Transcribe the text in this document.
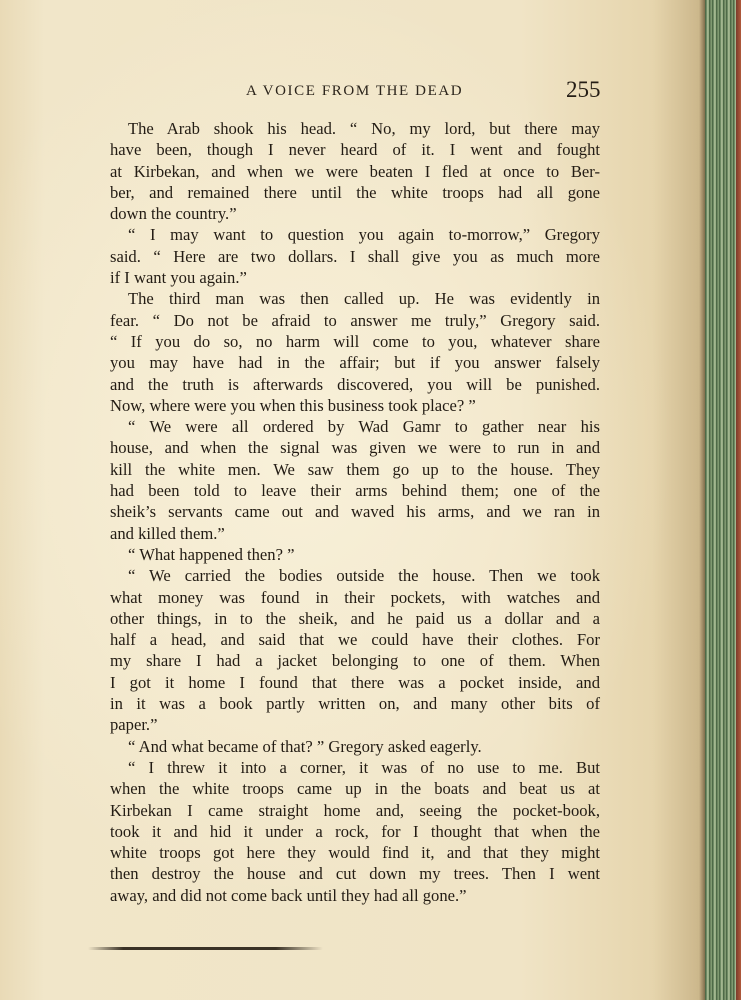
A VOICE FROM THE DEAD	255
The Arab shook his head. “ No, my lord, but there may
have been, though I never heard of it. I went and fought
at Kirbekan, and when we were beaten I fled at once to Ber-
ber, and remained there until the white troops had all gone
down the country.”
“ I may want to question you again to-morrow,” Gregory
said. “ Here are two dollars. I shall give you as much more
if I want you again.”
The third man was then called up. He was evidently in
fear. “ Do not be afraid to answer me truly,” Gregory said.
“ If you do so, no harm will come to you, whatever share
you may have had in the affair; but if you answer falsely
and the truth is afterwards discovered, you will be punished.
Now, where were you when this business took place? ”
“ We were all ordered by Wad Gamr to gather near his
house, and when the signal was given we were to run in and
kill the white men. We saw them go up to the house. They
had been told to leave their arms behind them; one of the
sheik’s servants came out and waved his arms, and we ran in
and killed them.”
“ What happened then? ”
“ We carried the bodies outside the house. Then we took
what money was found in their pockets, with watches and
other things, in to the sheik, and he paid us a dollar and a
half a head, and said that we could have their clothes. For
my share I had a jacket belonging to one of them. When
I got it home I found that there was a pocket inside, and
in it was a book partly written on, and many other bits of
paper.”
“ And what became of that? ” Gregory asked eagerly.
“ I threw it into a corner, it was of no use to me. But
when the white troops came up in the boats and beat us at
Kirbekan I came straight home and, seeing the pocket-book,
took it and hid it under a rock, for I thought that when the
white troops got here they would find it, and that they might
then destroy the house and cut down my trees. Then I went
away, and did not come back until they had all gone.”
